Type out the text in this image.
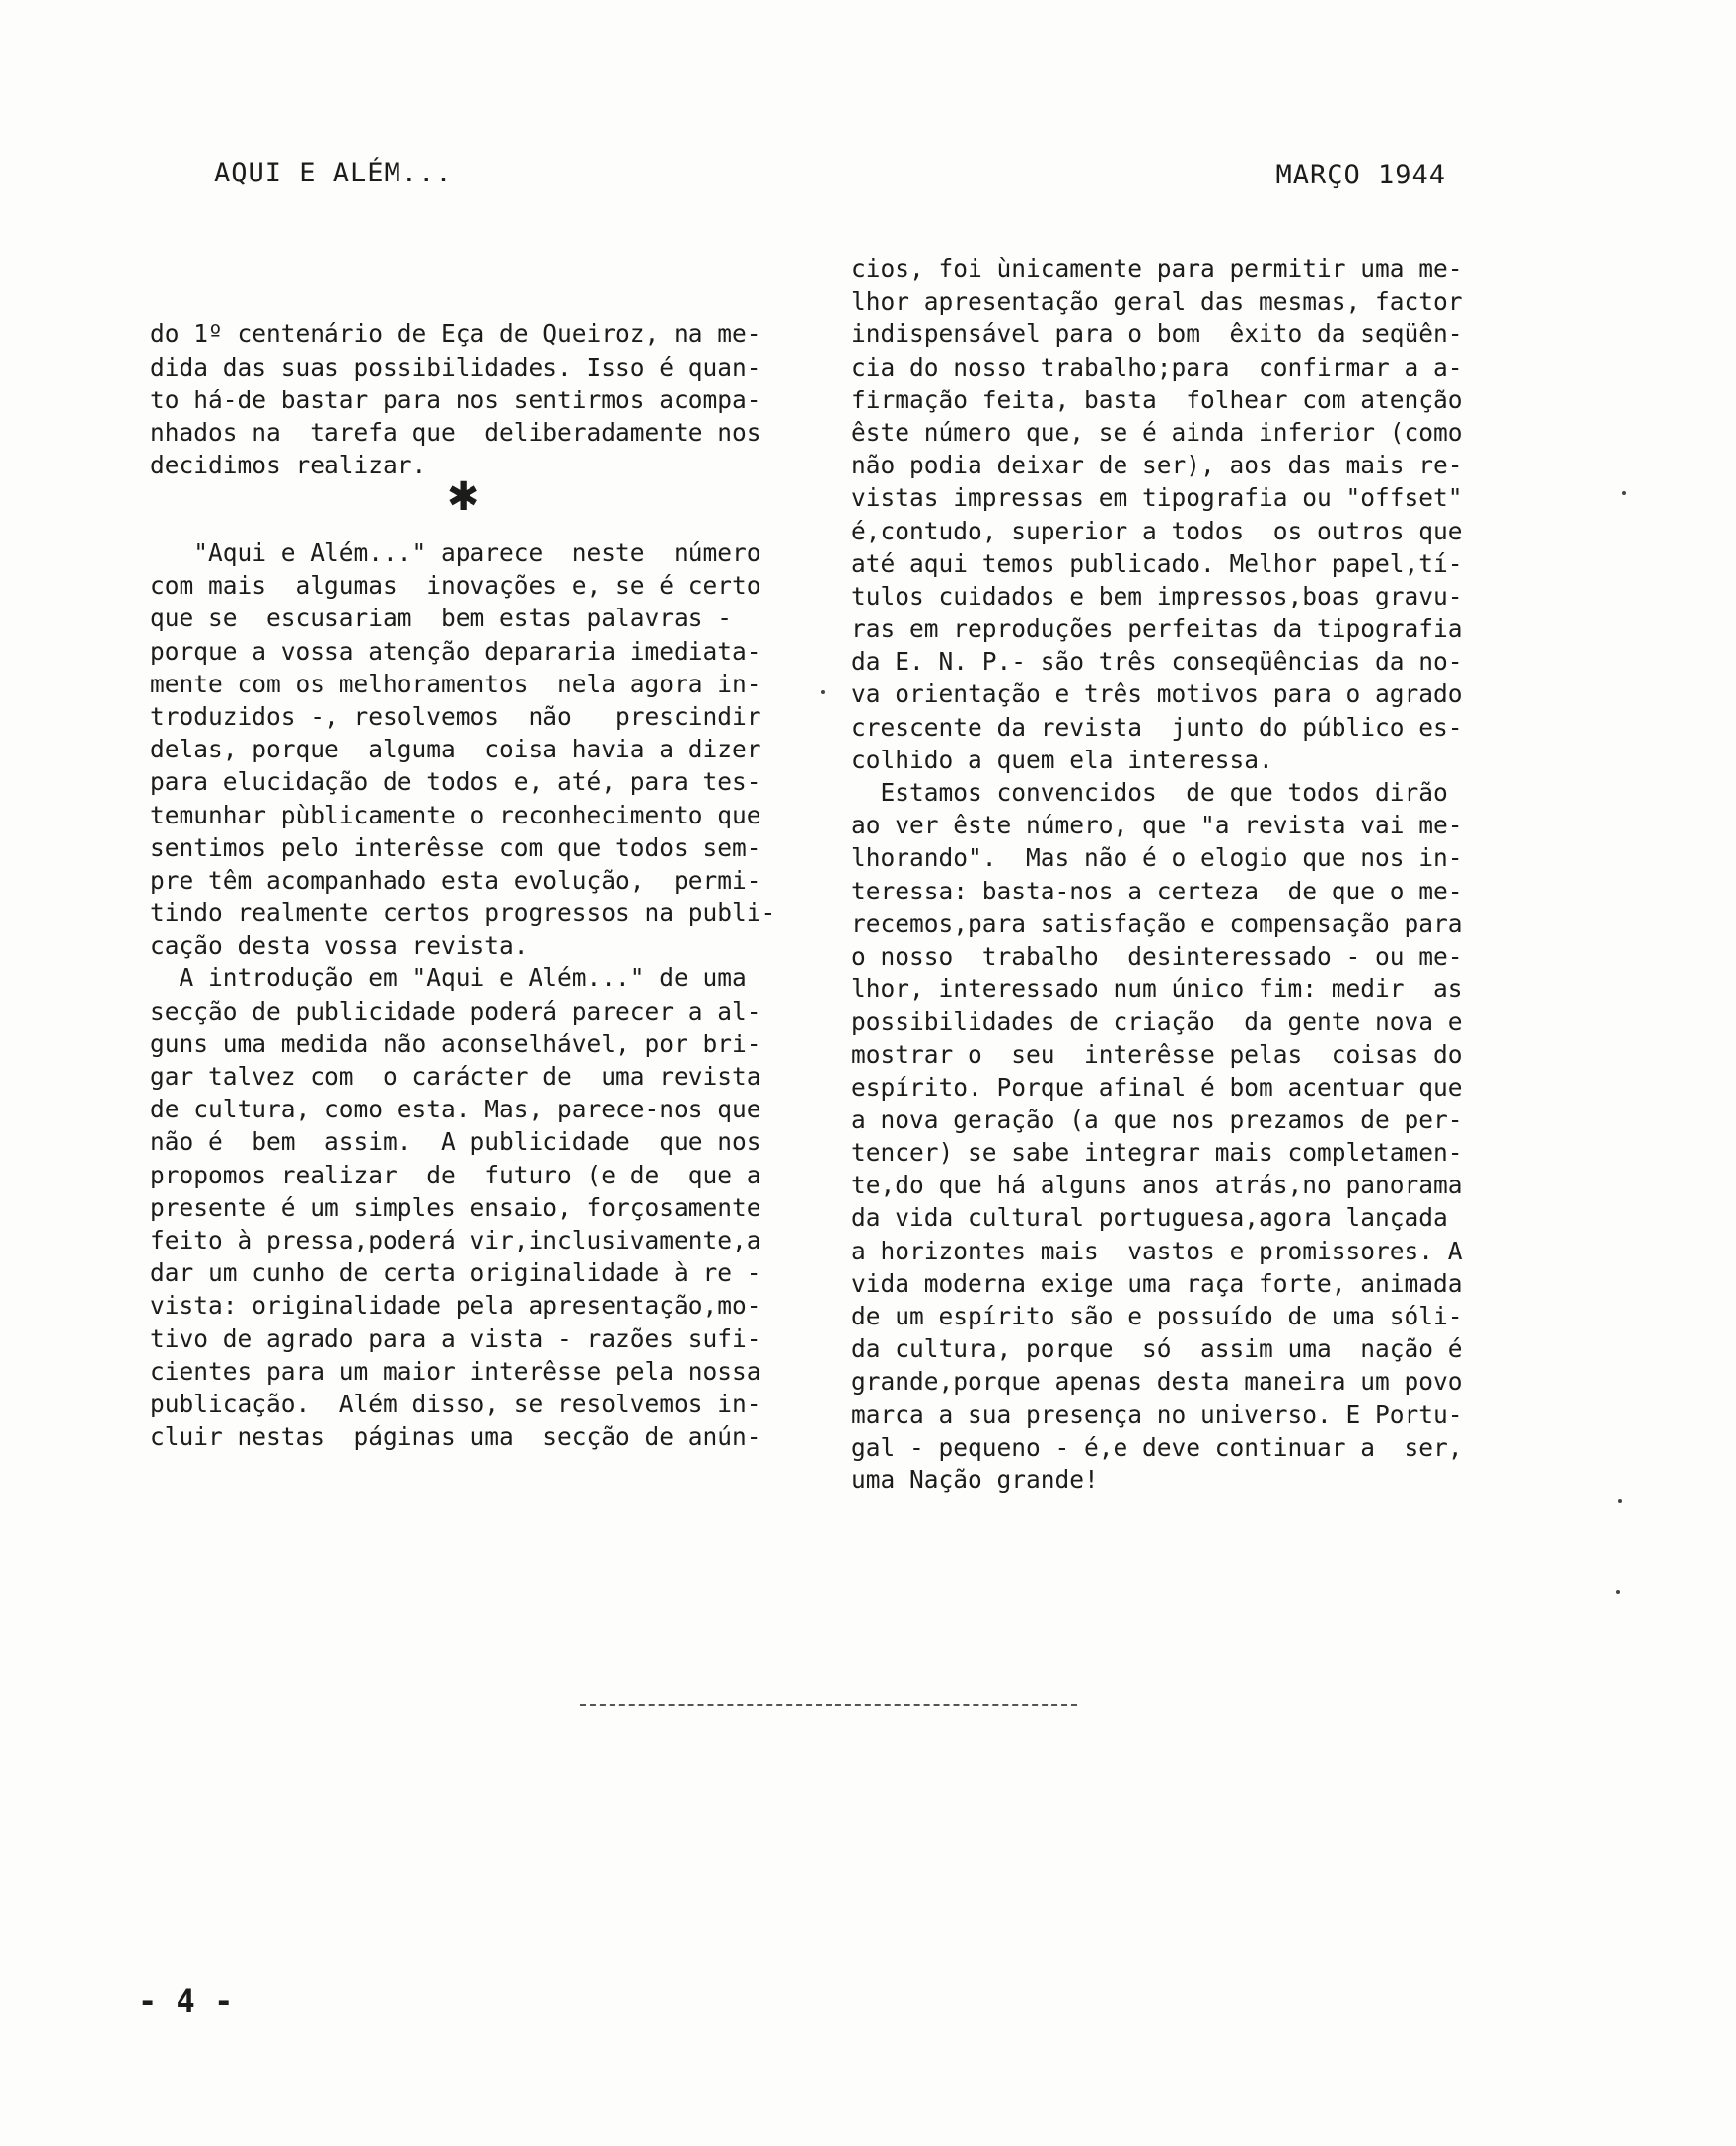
AQUI E ALÉM...	MARÇO 1944

do 1º centenário de Eça de Queiroz, na me-
dida das suas possibilidades. Isso é quan-
to há-de bastar para nos sentirmos acompa-
nhados na  tarefa que  deliberadamente nos
decidimos realizar.

"Aqui e Além..." aparece  neste  número
com mais  algumas  inovações e, se é certo
que se  escusariam  bem estas palavras -
porque a vossa atenção depararia imediata-
mente com os melhoramentos  nela agora in-
troduzidos -, resolvemos  não   prescindir
delas, porque  alguma  coisa havia a dizer
para elucidação de todos e, até, para tes-
temunhar pùblicamente o reconhecimento que
sentimos pelo interêsse com que todos sem-
pre têm acompanhado esta evolução,  permi-
tindo realmente certos progressos na publi-
cação desta vossa revista.
A introdução em "Aqui e Além..." de uma
secção de publicidade poderá parecer a al-
guns uma medida não aconselhável, por bri-
gar talvez com  o carácter de  uma revista
de cultura, como esta. Mas, parece-nos que
não é  bem  assim.  A publicidade  que nos
propomos realizar  de  futuro (e de  que a
presente é um simples ensaio, forçosamente
feito à pressa,poderá vir,inclusivamente,a
dar um cunho de certa originalidade à re -
vista: originalidade pela apresentação,mo-
tivo de agrado para a vista - razões sufi-
cientes para um maior interêsse pela nossa
publicação.  Além disso, se resolvemos in-
cluir nestas  páginas uma  secção de anún-

✱
cios, foi ùnicamente para permitir uma me-
lhor apresentação geral das mesmas, factor
indispensável para o bom  êxito da seqüên-
cia do nosso trabalho;para  confirmar a a-
firmação feita, basta  folhear com atenção
êste número que, se é ainda inferior (como
não podia deixar de ser), aos das mais re-
vistas impressas em tipografia ou "offset"
é,contudo, superior a todos  os outros que
até aqui temos publicado. Melhor papel,tí-
tulos cuidados e bem impressos,boas gravu-
ras em reproduções perfeitas da tipografia
da E. N. P.- são três conseqüências da no-
va orientação e três motivos para o agrado
crescente da revista  junto do público es-
colhido a quem ela interessa.
Estamos convencidos  de que todos dirão
ao ver êste número, que "a revista vai me-
lhorando".  Mas não é o elogio que nos in-
teressa: basta-nos a certeza  de que o me-
recemos,para satisfação e compensação para
o nosso  trabalho  desinteressado - ou me-
lhor, interessado num único fim: medir  as
possibilidades de criação  da gente nova e
mostrar o  seu  interêsse pelas  coisas do
espírito. Porque afinal é bom acentuar que
a nova geração (a que nos prezamos de per-
tencer) se sabe integrar mais completamen-
te,do que há alguns anos atrás,no panorama
da vida cultural portuguesa,agora lançada
a horizontes mais  vastos e promissores. A
vida moderna exige uma raça forte, animada
de um espírito são e possuído de uma sóli-
da cultura, porque  só  assim uma  nação é
grande,porque apenas desta maneira um povo
marca a sua presença no universo. E Portu-
gal - pequeno - é,e deve continuar a  ser,
uma Nação grande!
- 4 -
